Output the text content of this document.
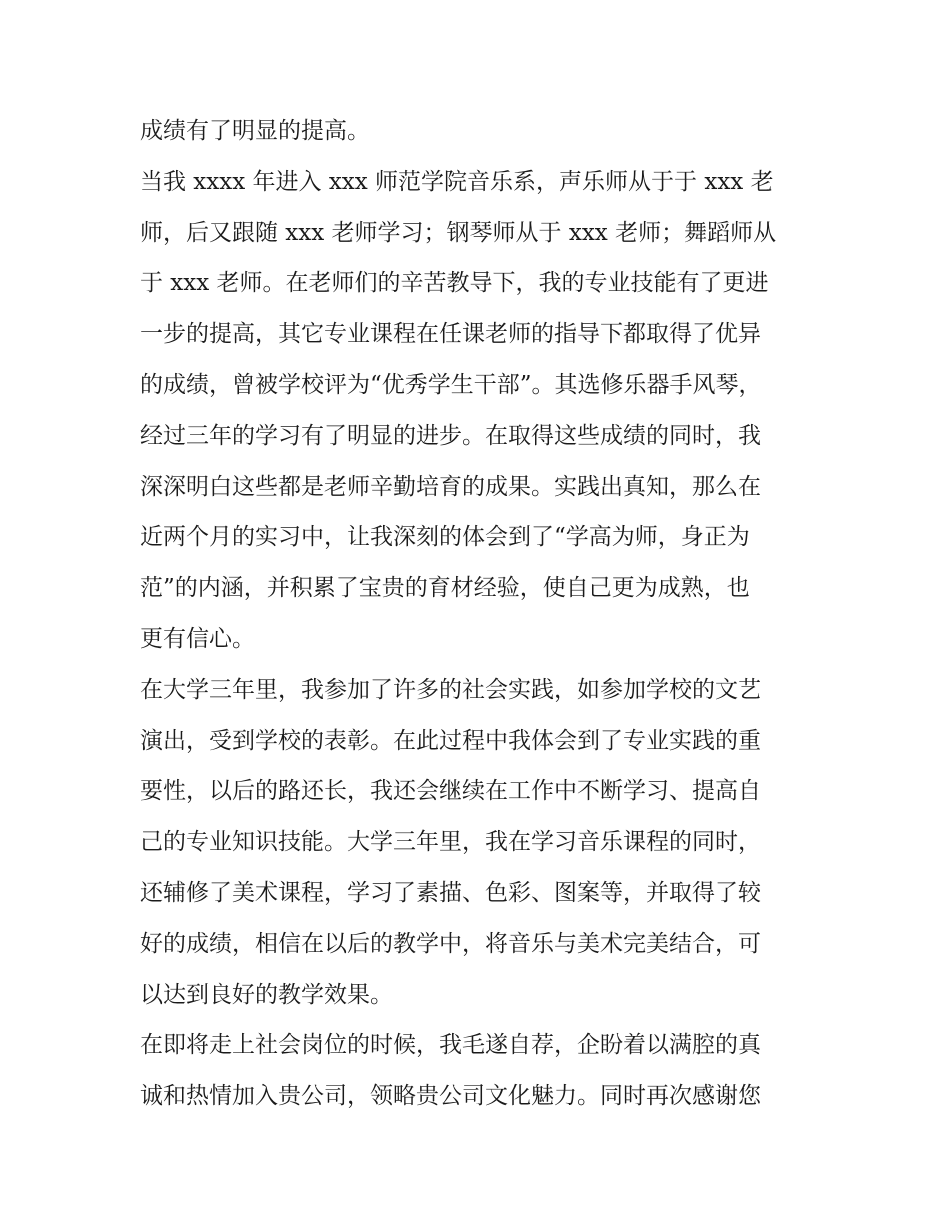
成绩有了明显的提高。
当我 xxxx 年进入 xxx 师范学院音乐系，声乐师从于于 xxx 老
师，后又跟随 xxx 老师学习；钢琴师从于 xxx 老师；舞蹈师从
于 xxx 老师。在老师们的辛苦教导下，我的专业技能有了更进
一步的提高，其它专业课程在任课老师的指导下都取得了优异
的成绩，曾被学校评为“优秀学生干部”。其选修乐器手风琴，
经过三年的学习有了明显的进步。在取得这些成绩的同时，我
深深明白这些都是老师辛勤培育的成果。实践出真知，那么在
近两个月的实习中，让我深刻的体会到了“学高为师，身正为
范”的内涵，并积累了宝贵的育材经验，使自己更为成熟，也
更有信心。
在大学三年里，我参加了许多的社会实践，如参加学校的文艺
演出，受到学校的表彰。在此过程中我体会到了专业实践的重
要性，以后的路还长，我还会继续在工作中不断学习、提高自
己的专业知识技能。大学三年里，我在学习音乐课程的同时，
还辅修了美术课程，学习了素描、色彩、图案等，并取得了较
好的成绩，相信在以后的教学中，将音乐与美术完美结合，可
以达到良好的教学效果。
在即将走上社会岗位的时候，我毛遂自荐，企盼着以满腔的真
诚和热情加入贵公司，领略贵公司文化魅力。同时再次感谢您
